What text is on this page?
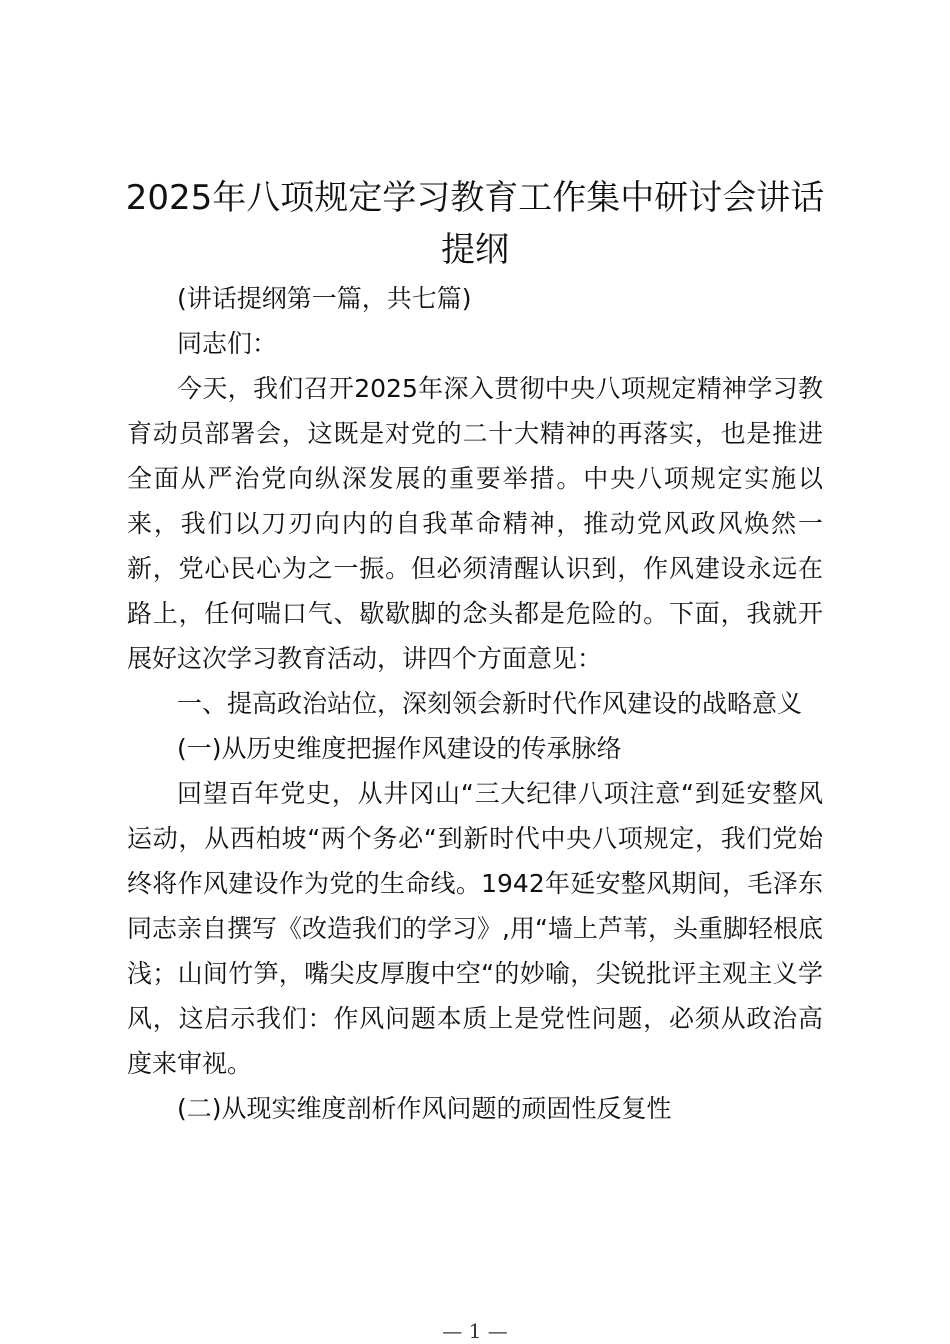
2025年八项规定学习教育工作集中研讨会讲话提纲

(讲话提纲第一篇，共七篇)

同志们：

今天，我们召开2025年深入贯彻中央八项规定精神学习教育动员部署会，这既是对党的二十大精神的再落实，也是推进全面从严治党向纵深发展的重要举措。中央八项规定实施以来，我们以刀刃向内的自我革命精神，推动党风政风焕然一新，党心民心为之一振。但必须清醒认识到，作风建设永远在路上，任何喘口气、歇歇脚的念头都是危险的。下面，我就开展好这次学习教育活动，讲四个方面意见：

一、提高政治站位，深刻领会新时代作风建设的战略意义

(一)从历史维度把握作风建设的传承脉络

回望百年党史，从井冈山“三大纪律八项注意“到延安整风运动，从西柏坡“两个务必“到新时代中央八项规定，我们党始终将作风建设作为党的生命线。1942年延安整风期间，毛泽东同志亲自撰写《改造我们的学习》,用“墙上芦苇，头重脚轻根底浅；山间竹笋，嘴尖皮厚腹中空“的妙喻，尖锐批评主观主义学风，这启示我们：作风问题本质上是党性问题，必须从政治高度来审视。

(二)从现实维度剖析作风问题的顽固性反复性

— 1 —
